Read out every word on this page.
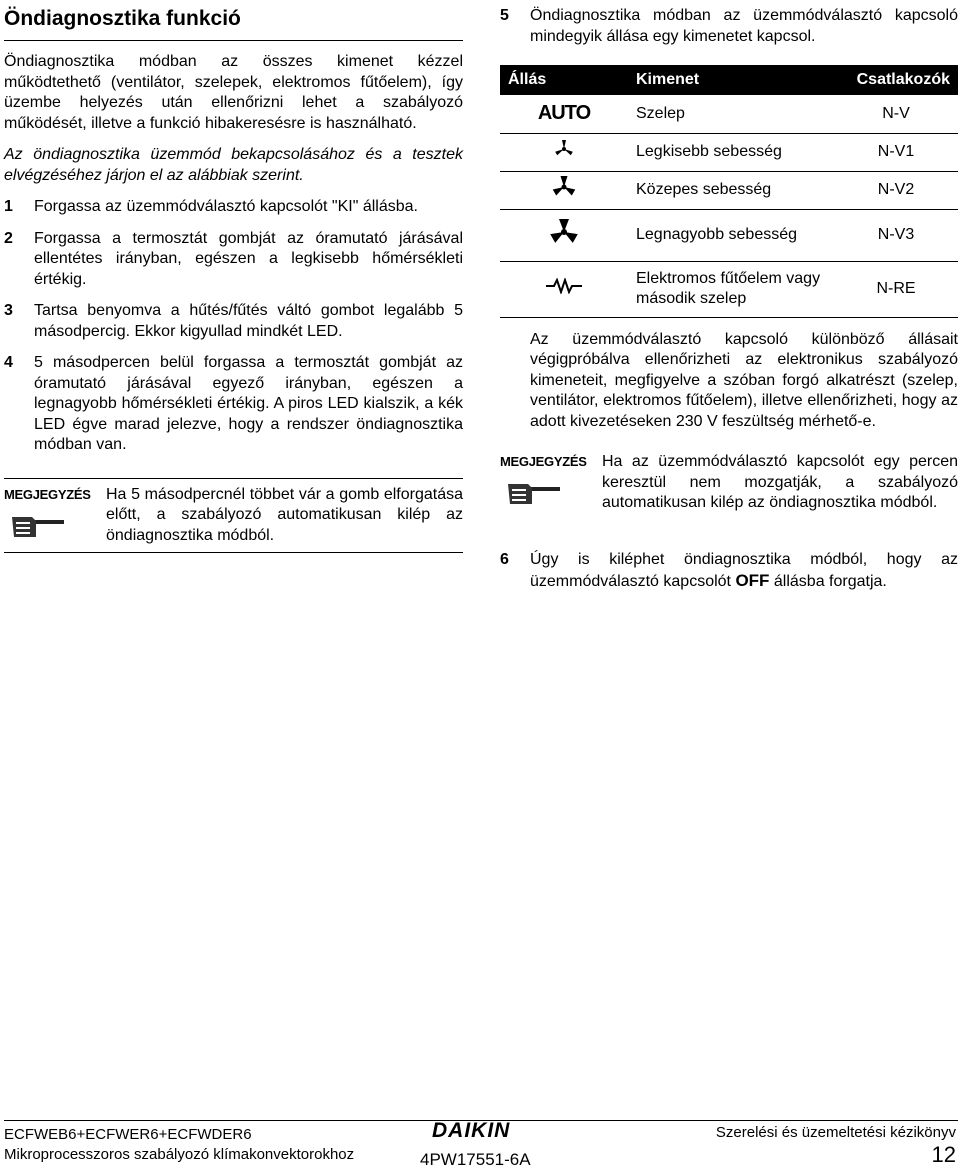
Öndiagnosztika funkció

Öndiagnosztika módban az összes kimenet kézzel működtethető (ventilátor, szelepek, elektromos fűtőelem), így üzembe helyezés után ellenőrizni lehet a szabályozó működését, illetve a funkció hibakeresésre is használható.

Az öndiagnosztika üzemmód bekapcsolásához és a tesztek elvégzéséhez járjon el az alábbiak szerint.

1 Forgassa az üzemmódválasztó kapcsolót "KI" állásba.
2 Forgassa a termosztát gombját az óramutató járásával ellentétes irányban, egészen a legkisebb hőmérsékleti értékig.
3 Tartsa benyomva a hűtés/fűtés váltó gombot legalább 5 másodpercig. Ekkor kigyullad mindkét LED.
4 5 másodpercen belül forgassa a termosztát gombját az óramutató járásával egyező irányban, egészen a legnagyobb hőmérsékleti értékig. A piros LED kialszik, a kék LED égve marad jelezve, hogy a rendszer öndiagnosztika módban van.
MEGJEGYZÉS Ha 5 másodpercnél többet vár a gomb elforgatása előtt, a szabályozó automatikusan kilép az öndiagnosztika módból.
5 Öndiagnosztika módban az üzemmódválasztó kapcsoló mindegyik állása egy kimenetet kapcsol.
Állás	Kimenet	Csatlakozók
AUTO	Szelep	N-V
	Legkisebb sebesség	N-V1
	Közepes sebesség	N-V2
	Legnagyobb sebesség	N-V3
	Elektromos fűtőelem vagy második szelep	N-RE
Az üzemmódválasztó kapcsoló különböző állásait végigpróbálva ellenőrizheti az elektronikus szabályozó kimeneteit, megfigyelve a szóban forgó alkatrészt (szelep, ventilátor, elektromos fűtőelem), illetve ellenőrizheti, hogy az adott kivezetéseken 230 V feszültség mérhető-e.
MEGJEGYZÉS Ha az üzemmódválasztó kapcsolót egy percen keresztül nem mozgatják, a szabályozó automatikusan kilép az öndiagnosztika módból.
6 Úgy is kiléphet öndiagnosztika módból, hogy az üzemmódválasztó kapcsolót OFF állásba forgatja.
ECFWEB6+ECFWER6+ECFWDER6
Mikroprocesszoros szabályozó klímakonvektorokhoz
DAIKIN
4PW17551-6A
Szerelési és üzemeltetési kézikönyv
12
